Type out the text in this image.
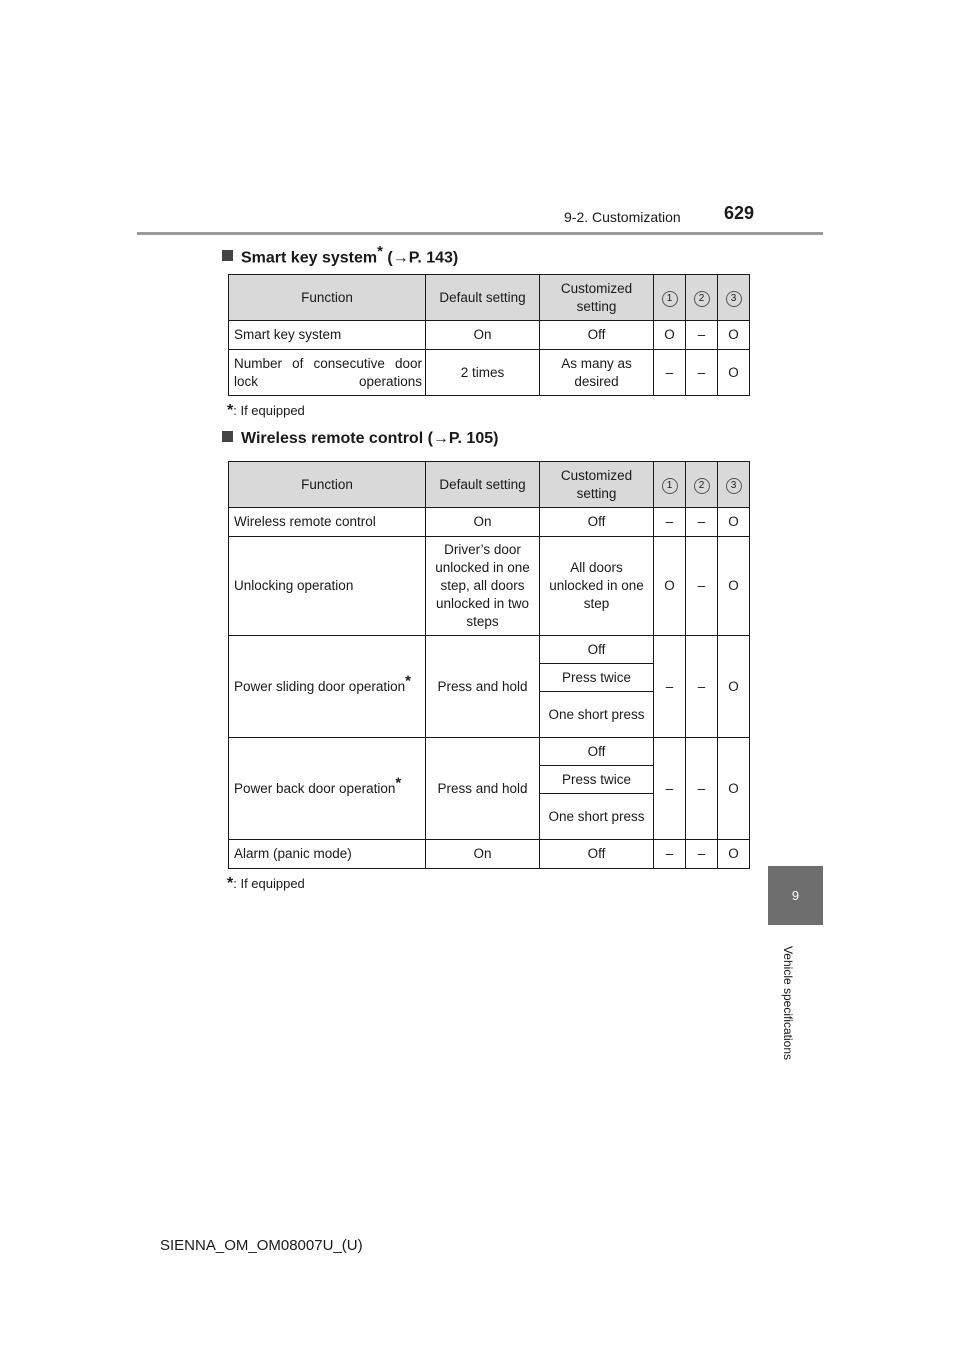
9-2. Customization 629
9
Vehicle specifications
Smart key system* (→P. 143)
Function	Default setting	Customized setting	1	2	3
Smart key system	On	Off	O	–	O
Number of consecutive door lock operations	2 times	As many as desired	–	–	O
*: If equipped
Wireless remote control (→P. 105)
Function	Default setting	Customized setting	1	2	3
Wireless remote control	On	Off	–	–	O
Unlocking operation	Driver’s door unlocked in one step, all doors unlocked in two steps	All doors unlocked in one step	O	–	O
Power sliding door operation*	Press and hold	Off	–	–	O
		Press twice			
		One short press			
Power back door operation*	Press and hold	Off	–	–	O
		Press twice			
		One short press			
Alarm (panic mode)	On	Off	–	–	O
*: If equipped
SIENNA_OM_OM08007U_(U)
